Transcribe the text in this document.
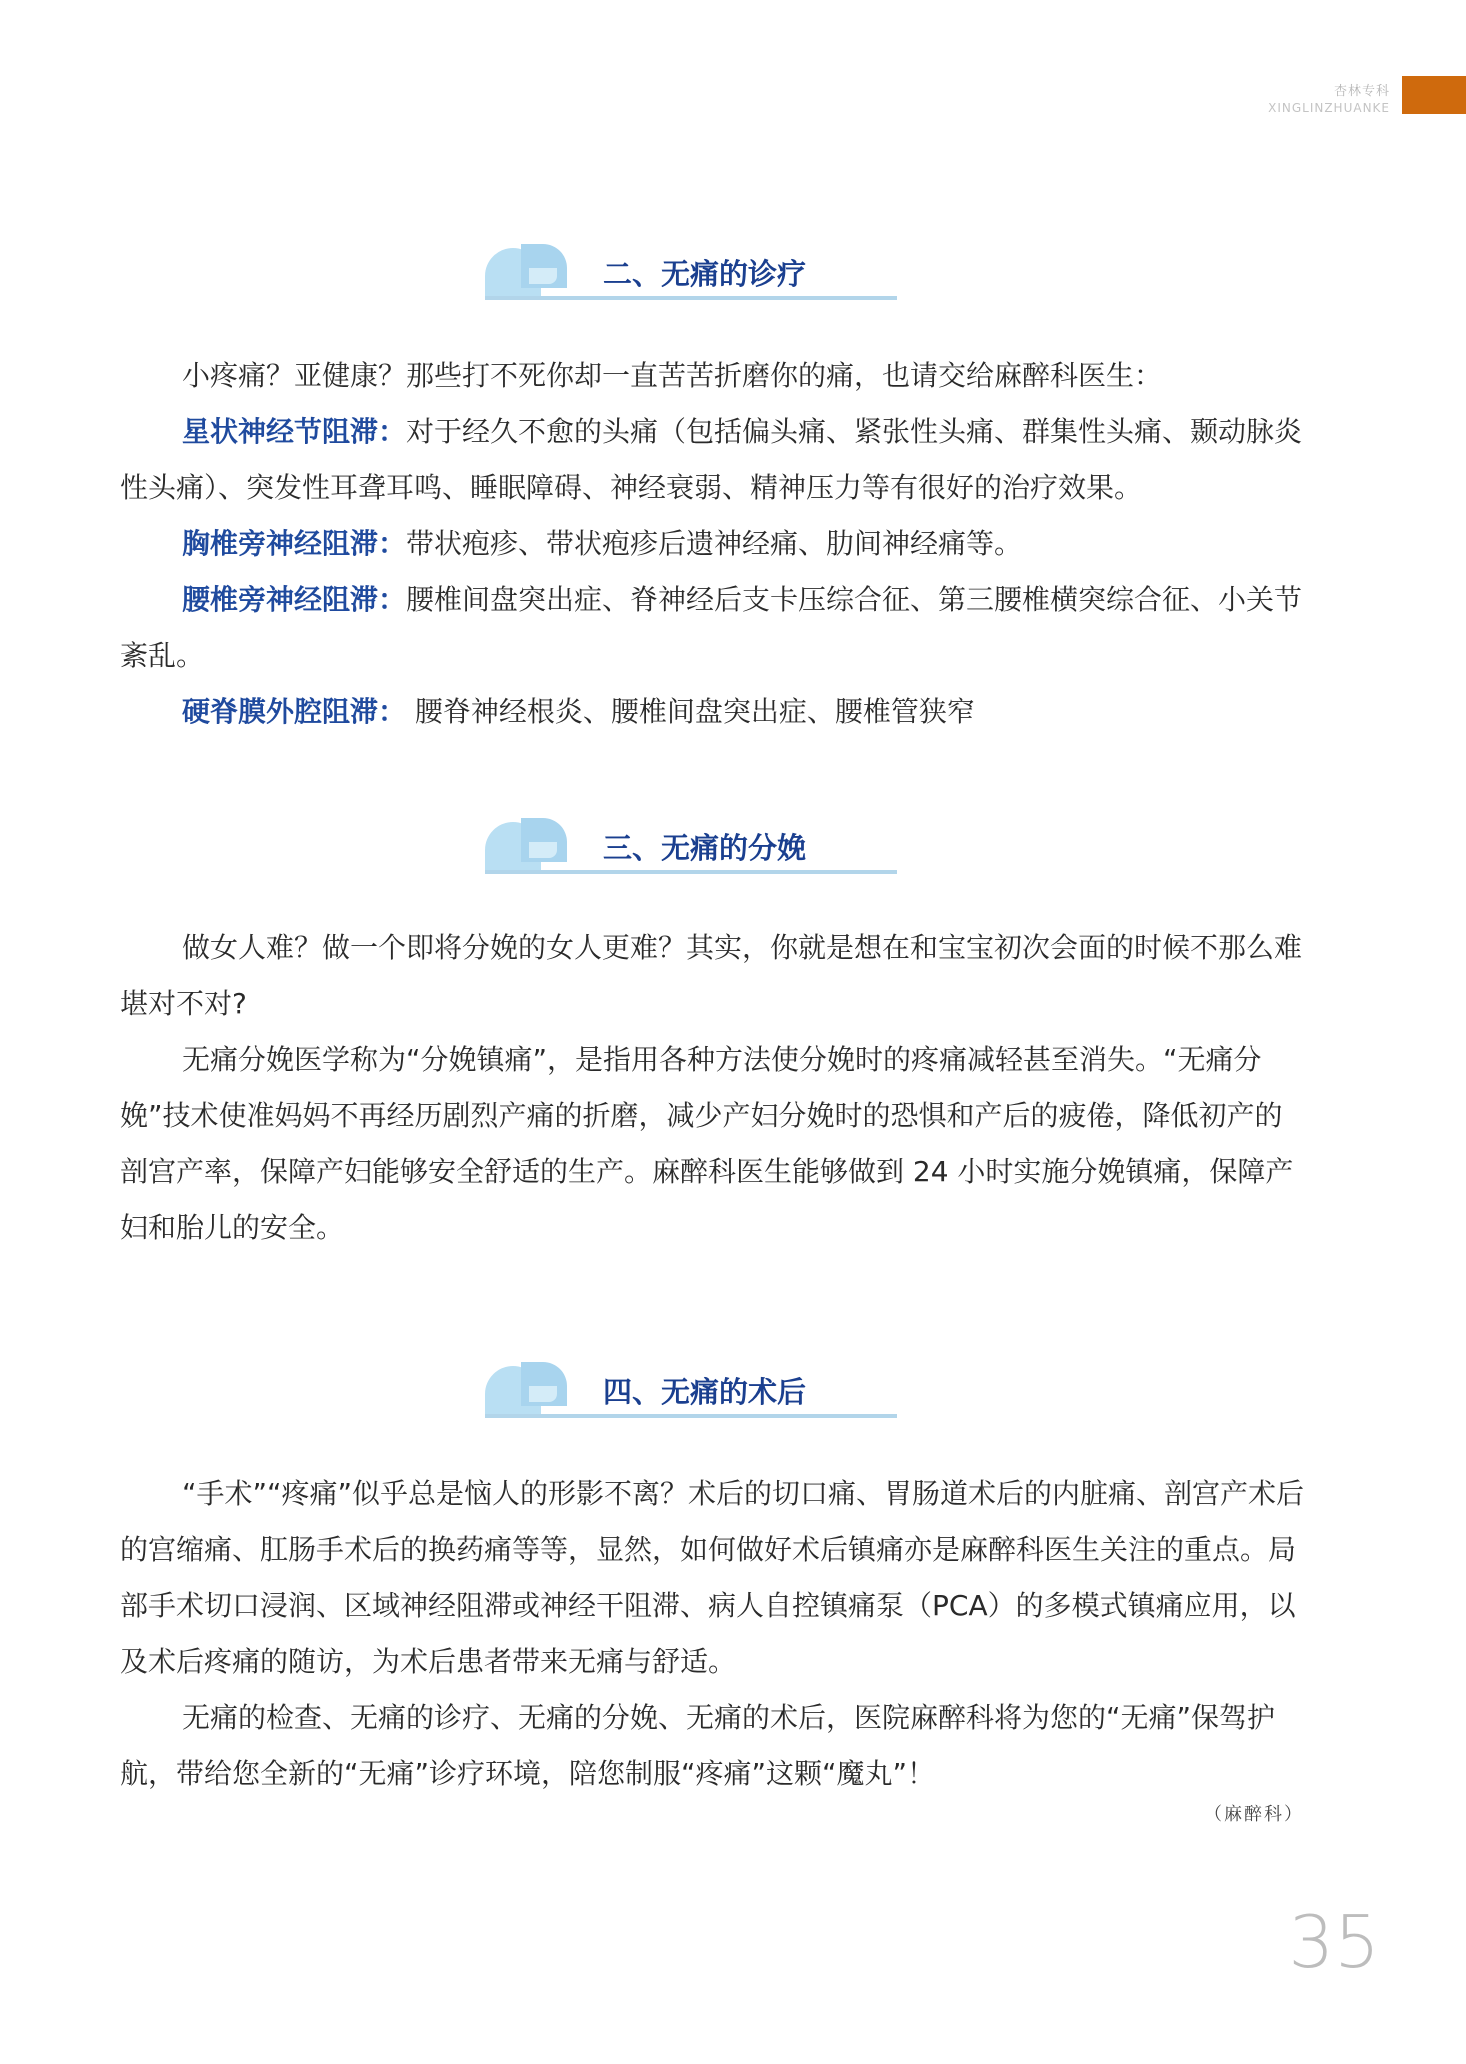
杏林专科
XINGLINZHUANKE
二、无痛的诊疗

小疼痛？亚健康？那些打不死你却一直苦苦折磨你的痛，也请交给麻醉科医生：

星状神经节阻滞：对于经久不愈的头痛（包括偏头痛、紧张性头痛、群集性头痛、颞动脉炎性头痛）、突发性耳聋耳鸣、睡眠障碍、神经衰弱、精神压力等有很好的治疗效果。

胸椎旁神经阻滞：带状疱疹、带状疱疹后遗神经痛、肋间神经痛等。

腰椎旁神经阻滞：腰椎间盘突出症、脊神经后支卡压综合征、第三腰椎横突综合征、小关节紊乱。

硬脊膜外腔阻滞： 腰脊神经根炎、腰椎间盘突出症、腰椎管狭窄

三、无痛的分娩

做女人难？做一个即将分娩的女人更难？其实，你就是想在和宝宝初次会面的时候不那么难堪对不对?

无痛分娩医学称为“分娩镇痛”，是指用各种方法使分娩时的疼痛减轻甚至消失。“无痛分娩”技术使准妈妈不再经历剧烈产痛的折磨，减少产妇分娩时的恐惧和产后的疲倦，降低初产的剖宫产率，保障产妇能够安全舒适的生产。麻醉科医生能够做到 24 小时实施分娩镇痛，保障产妇和胎儿的安全。

四、无痛的术后

“手术”“疼痛”似乎总是恼人的形影不离？术后的切口痛、胃肠道术后的内脏痛、剖宫产术后的宫缩痛、肛肠手术后的换药痛等等，显然，如何做好术后镇痛亦是麻醉科医生关注的重点。局部手术切口浸润、区域神经阻滞或神经干阻滞、病人自控镇痛泵（PCA）的多模式镇痛应用，以及术后疼痛的随访，为术后患者带来无痛与舒适。

无痛的检查、无痛的诊疗、无痛的分娩、无痛的术后，医院麻醉科将为您的“无痛”保驾护航，带给您全新的“无痛”诊疗环境，陪您制服“疼痛”这颗“魔丸”！

（麻醉科）
35
